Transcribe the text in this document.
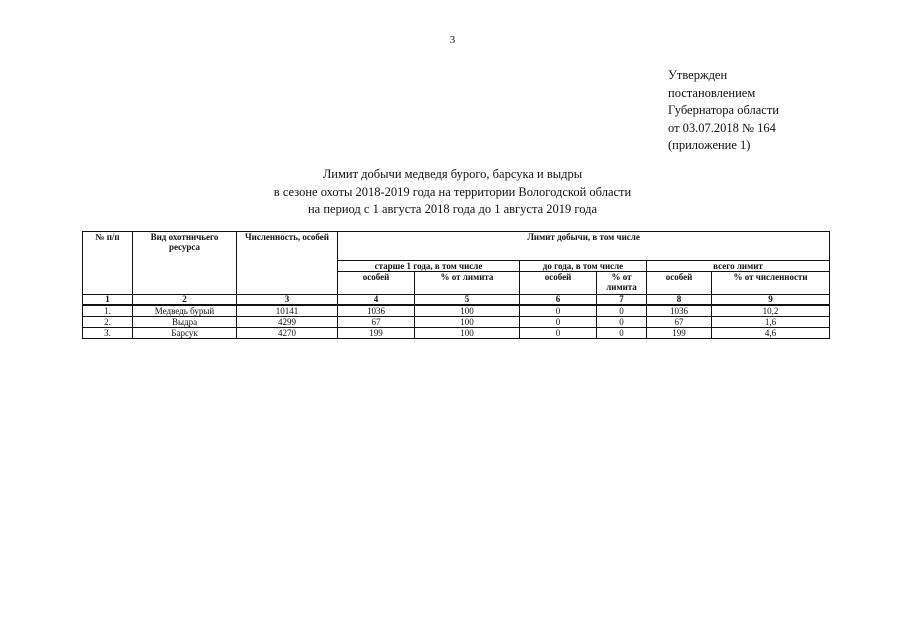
3
Утвержден
постановлением
Губернатора области
от 03.07.2018 № 164
(приложение 1)
Лимит добычи медведя бурого, барсука и выдры
в сезоне охоты 2018-2019 года на территории Вологодской области
на период с 1 августа 2018 года до 1 августа 2019 года
№ п/п	Вид охотничьего ресурса	Численность, особей	Лимит добычи, в том числе					
			старше 1 года, в том числе		до года, в том числе		всего лимит	
			особей	% от лимита	особей	% от лимита	особей	% от численности
1	2	3	4	5	6	7	8	9
1.	Медведь бурый	10141	1036	100	0	0	1036	10,2
2.	Выдра	4299	67	100	0	0	67	1,6
3.	Барсук	4270	199	100	0	0	199	4,6
